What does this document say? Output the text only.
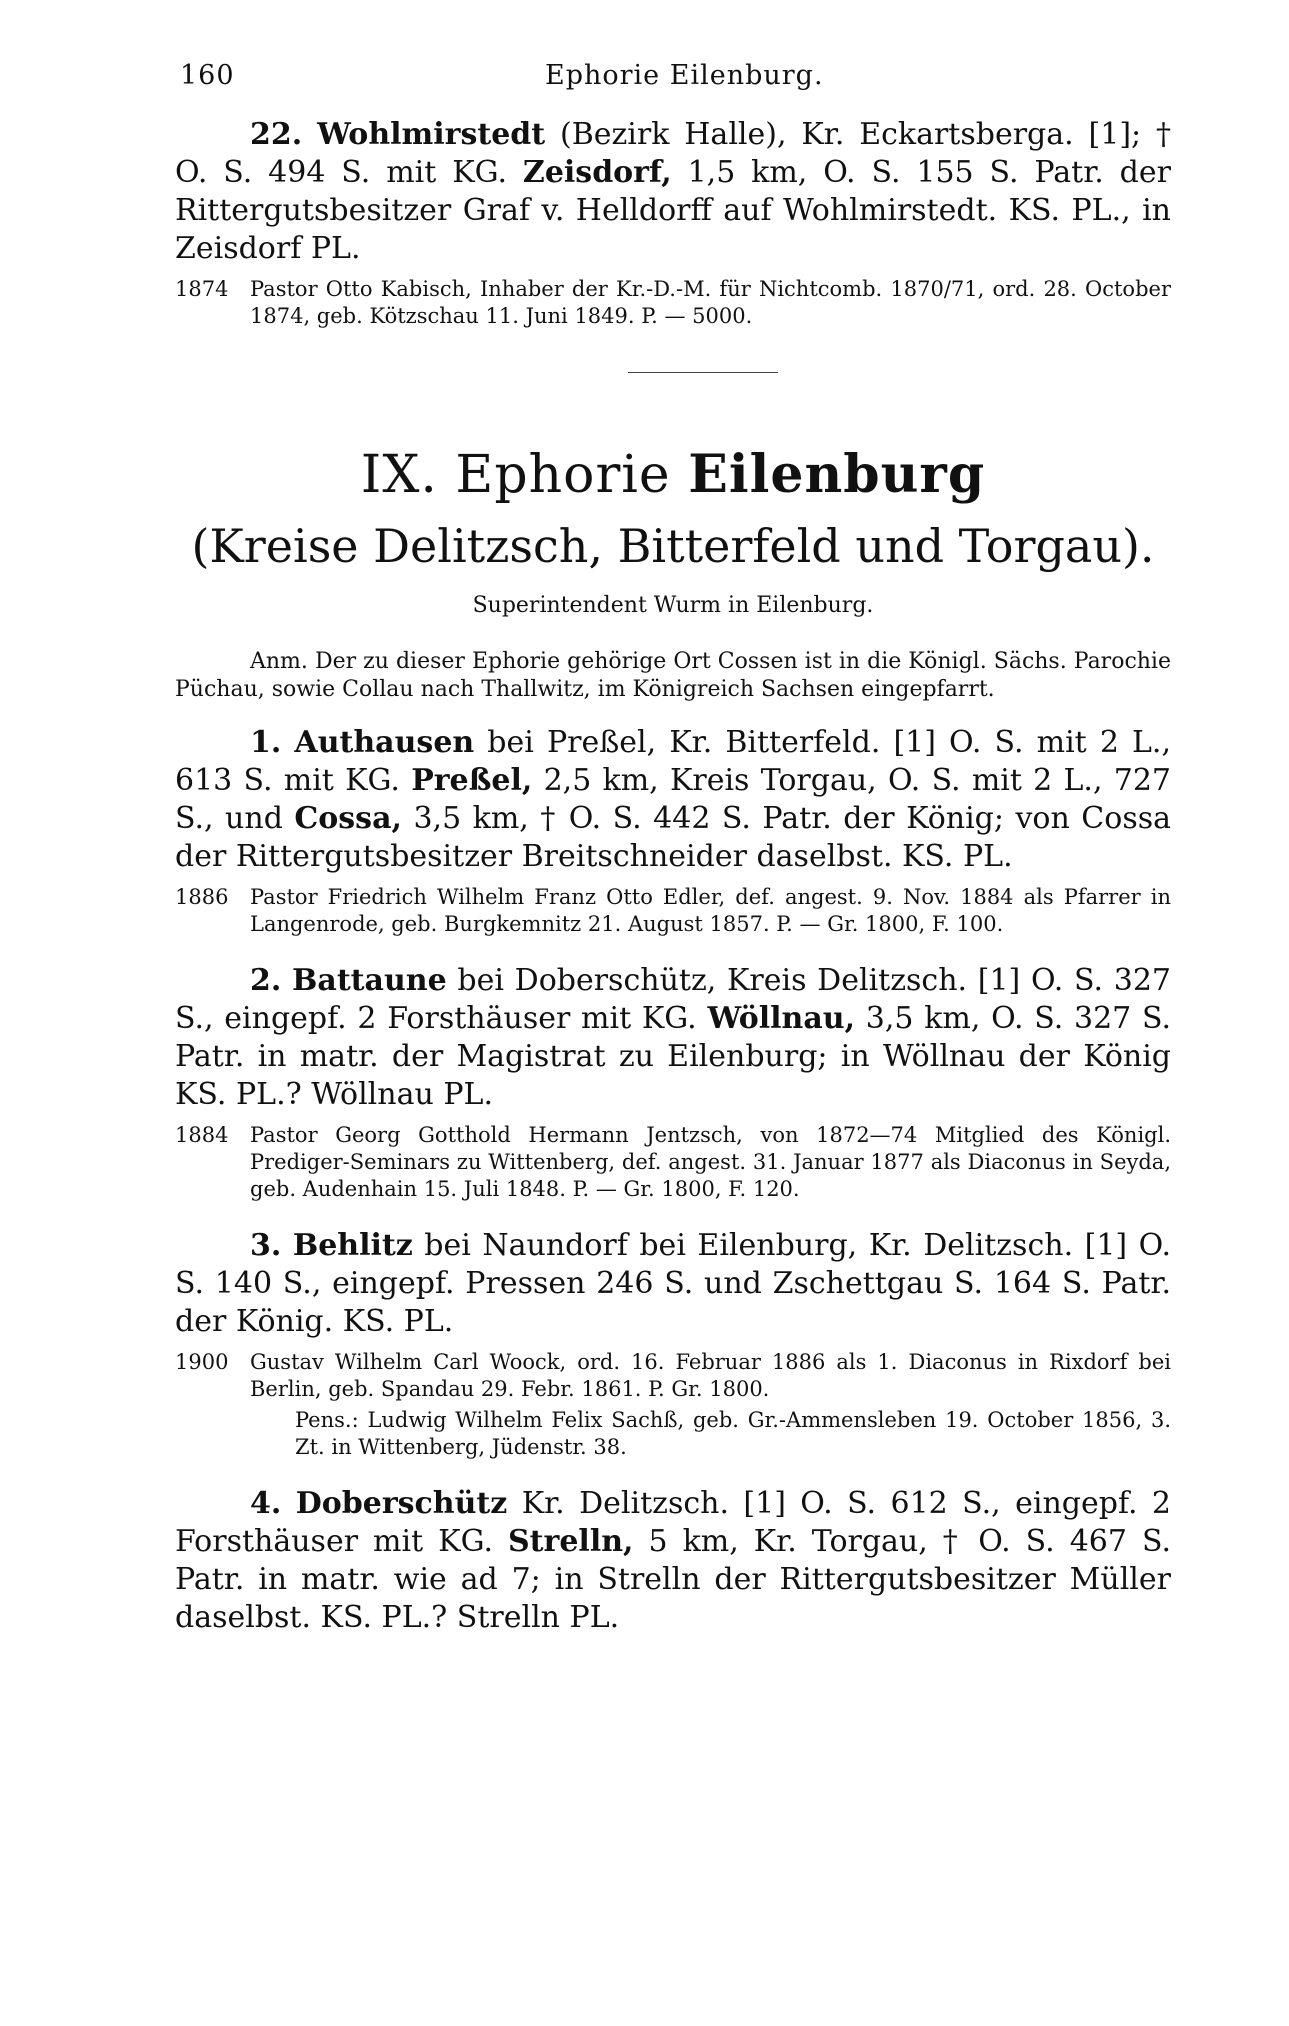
160	Ephorie Eilenburg.

22. Wohlmirstedt (Bezirk Halle), Kr. Eckartsberga. [1]; † O. S. 494 S. mit KG. Zeisdorf, 1,5 km, O. S. 155 S. Patr. der Rittergutsbesitzer Graf v. Helldorff auf Wohlmirstedt. KS. PL., in Zeisdorf PL.

1874	Pastor Otto Kabisch, Inhaber der Kr.-D.-M. für Nichtcomb. 1870/71, ord. 28. October 1874, geb. Kötzschau 11. Juni 1849. P. — 5000.
IX. Ephorie Eilenburg
(Kreise Delitzsch, Bitterfeld und Torgau).
Superintendent Wurm in Eilenburg.

Anm. Der zu dieser Ephorie gehörige Ort Cossen ist in die Königl. Sächs. Parochie Püchau, sowie Collau nach Thallwitz, im Königreich Sachsen eingepfarrt.

1. Authausen bei Preßel, Kr. Bitterfeld. [1] O. S. mit 2 L., 613 S. mit KG. Preßel, 2,5 km, Kreis Torgau, O. S. mit 2 L., 727 S., und Cossa, 3,5 km, † O. S. 442 S. Patr. der König; von Cossa der Rittergutsbesitzer Breitschneider daselbst. KS. PL.

1886	Pastor Friedrich Wilhelm Franz Otto Edler, def. angest. 9. Nov. 1884 als Pfarrer in Langenrode, geb. Burgkemnitz 21. August 1857. P. — Gr. 1800, F. 100.

2. Battaune bei Doberschütz, Kreis Delitzsch. [1] O. S. 327 S., eingepf. 2 Forsthäuser mit KG. Wöllnau, 3,5 km, O. S. 327 S. Patr. in matr. der Magistrat zu Eilenburg; in Wöllnau der König KS. PL.? Wöllnau PL.

1884	Pastor Georg Gotthold Hermann Jentzsch, von 1872—74 Mitglied des Königl. Prediger-Seminars zu Wittenberg, def. angest. 31. Januar 1877 als Diaconus in Seyda, geb. Audenhain 15. Juli 1848. P. — Gr. 1800, F. 120.

3. Behlitz bei Naundorf bei Eilenburg, Kr. Delitzsch. [1] O. S. 140 S., eingepf. Pressen 246 S. und Zschettgau S. 164 S. Patr. der König. KS. PL.

1900	Gustav Wilhelm Carl Woock, ord. 16. Februar 1886 als 1. Diaconus in Rixdorf bei Berlin, geb. Spandau 29. Febr. 1861. P. Gr. 1800.

Pens.: Ludwig Wilhelm Felix Sachß, geb. Gr.-Ammensleben 19. October 1856, 3. Zt. in Wittenberg, Jüdenstr. 38.

4. Doberschütz Kr. Delitzsch. [1] O. S. 612 S., eingepf. 2 Forsthäuser mit KG. Strelln, 5 km, Kr. Torgau, † O. S. 467 S. Patr. in matr. wie ad 7; in Strelln der Rittergutsbesitzer Müller daselbst. KS. PL.? Strelln PL.
